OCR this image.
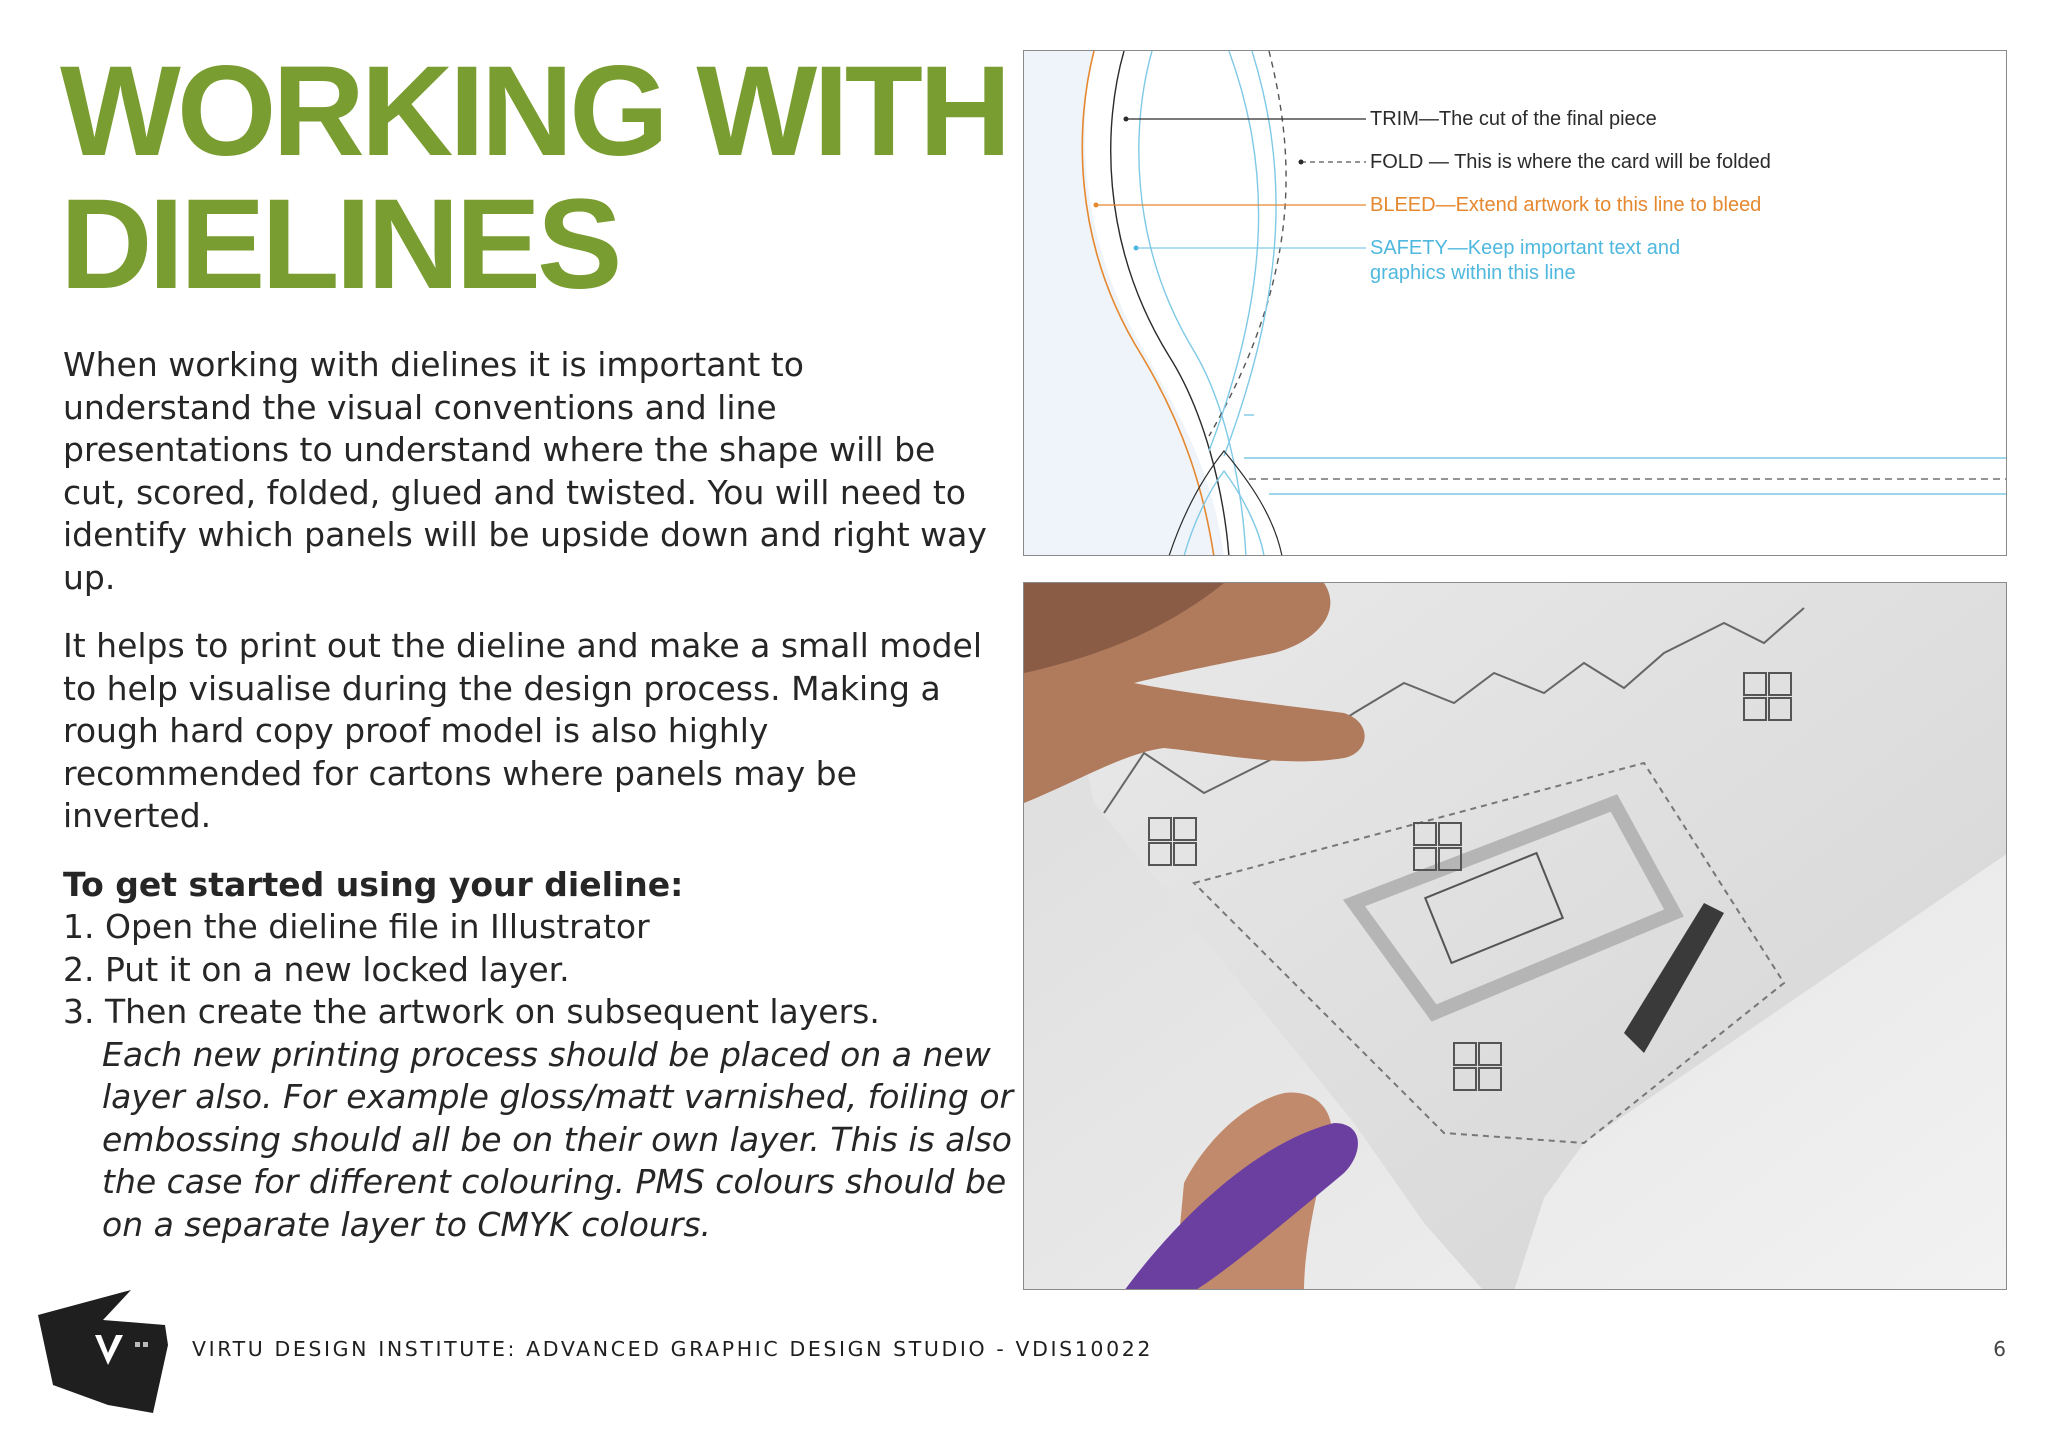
WORKING WITH
DIELINES

When working with dielines it is important to understand the visual conventions and line presentations to understand where the shape will be cut, scored, folded, glued and twisted. You will need to identify which panels will be upside down and right way up.

It helps to print out the dieline and make a small model to help visualise during the design process. Making a rough hard copy proof model is also highly recommended for cartons where panels may be inverted.

To get started using your dieline:
1. Open the dieline file in Illustrator
2. Put it on a new locked layer.
3. Then create the artwork on subsequent layers.
Each new printing process should be placed on a new
layer also. For example gloss/matt varnished, foiling or
embossing should all be on their own layer. This is also
the case for different colouring. PMS colours should be
on a separate layer to CMYK colours.
TRIM—The cut of the final piece
FOLD — This is where the card will be folded
BLEED—Extend artwork to this line to bleed
SAFETY—Keep important text and
graphics within this line
VIRTU DESIGN INSTITUTE: ADVANCED GRAPHIC DESIGN STUDIO - VDIS10022	6
